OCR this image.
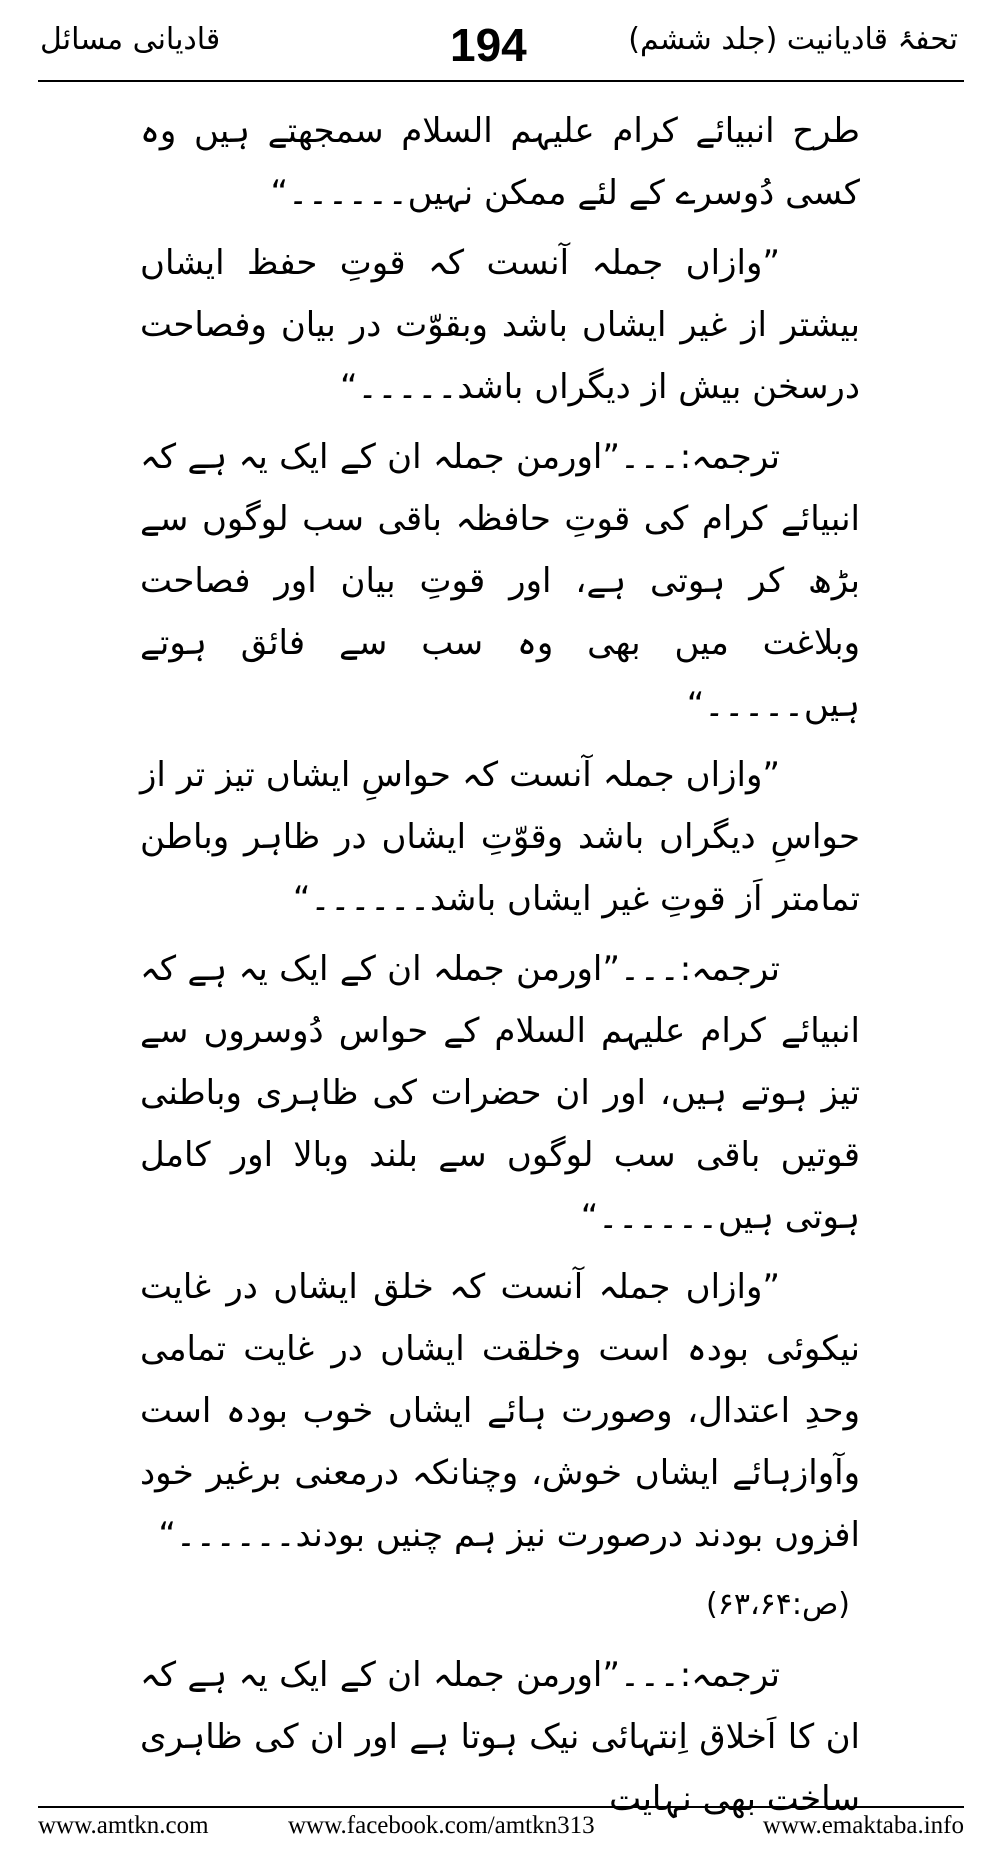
تحفۂ قادیانیت (جلد ششم)
194
قادیانی مسائل

طرح انبیائے کرام علیہم السلام سمجھتے ہیں وہ کسی دُوسرے کے لئے ممکن نہیں۔۔۔۔۔۔“

”وازاں جملہ آنست کہ قوتِ حفظ ایشاں بیشتر از غیر ایشاں باشد وبقوّت در بیان وفصاحت درسخن بیش از دیگراں باشد۔۔۔۔۔“

ترجمہ:۔۔۔”اورمن جملہ ان کے ایک یہ ہے کہ انبیائے کرام کی قوتِ حافظہ باقی سب لوگوں سے بڑھ کر ہوتی ہے، اور قوتِ بیان اور فصاحت وبلاغت میں بھی وہ سب سے فائق ہوتے ہیں۔۔۔۔۔“

”وازاں جملہ آنست کہ حواسِ ایشاں تیز تر از حواسِ دیگراں باشد وقوّتِ ایشاں در ظاہر وباطن تمامتر اَز قوتِ غیر ایشاں باشد۔۔۔۔۔۔“

ترجمہ:۔۔۔”اورمن جملہ ان کے ایک یہ ہے کہ انبیائے کرام علیہم السلام کے حواس دُوسروں سے تیز ہوتے ہیں، اور ان حضرات کی ظاہری وباطنی قوتیں باقی سب لوگوں سے بلند وبالا اور کامل ہوتی ہیں۔۔۔۔۔۔“

”وازاں جملہ آنست کہ خلق ایشاں در غایت نیکوئی بودہ است وخلقت ایشاں در غایت تمامی وحدِ اعتدال، وصورت ہائے ایشاں خوب بودہ است وآوازہائے ایشاں خوش، وچنانکہ درمعنی برغیر خود افزوں بودند درصورت نیز ہم چنیں بودند۔۔۔۔۔۔“

(ص:۶۳،۶۴)

ترجمہ:۔۔۔”اورمن جملہ ان کے ایک یہ ہے کہ ان کا اَخلاق اِنتہائی نیک ہوتا ہے اور ان کی ظاہری ساخت بھی نہایت

www.amtkn.com	www.facebook.com/amtkn313	www.emaktaba.info
